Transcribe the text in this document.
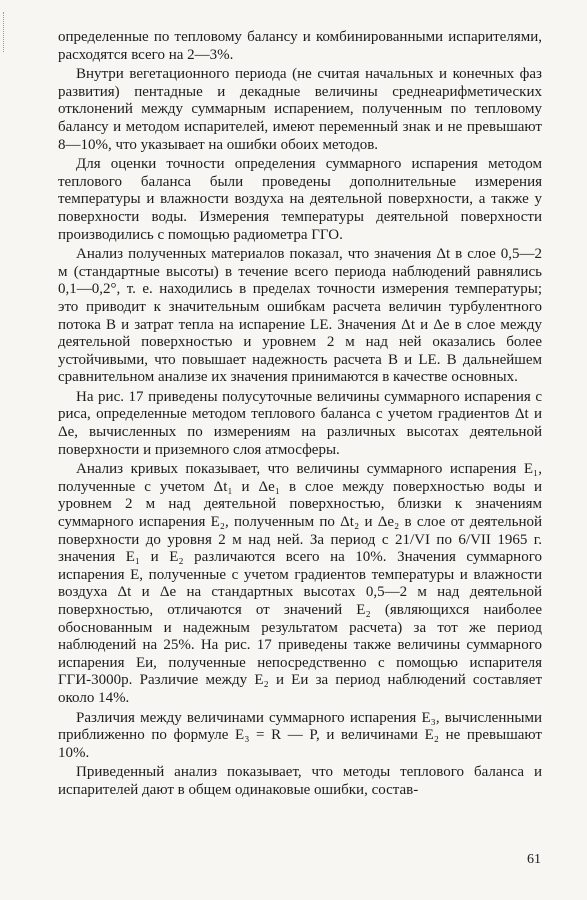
определенные по тепловому балансу и комбинированными испарителями, расходятся всего на 2—3%.

Внутри вегетационного периода (не считая начальных и конечных фаз развития) пентадные и декадные величины среднеарифметических отклонений между суммарным испарением, полученным по тепловому балансу и методом испарителей, имеют переменный знак и не превышают 8—10%, что указывает на ошибки обоих методов.

Для оценки точности определения суммарного испарения методом теплового баланса были проведены дополнительные измерения температуры и влажности воздуха на деятельной поверхности, а также у поверхности воды. Измерения температуры деятельной поверхности производились с помощью радиометра ГГО.

Анализ полученных материалов показал, что значения Δt в слое 0,5—2 м (стандартные высоты) в течение всего периода наблюдений равнялись 0,1—0,2°, т. е. находились в пределах точности измерения температуры; это приводит к значительным ошибкам расчета величин турбулентного потока B и затрат тепла на испарение LE. Значения Δt и Δe в слое между деятельной поверхностью и уровнем 2 м над ней оказались более устойчивыми, что повышает надежность расчета B и LE. В дальнейшем сравнительном анализе их значения принимаются в качестве основных.

На рис. 17 приведены полусуточные величины суммарного испарения с риса, определенные методом теплового баланса с учетом градиентов Δt и Δe, вычисленных по измерениям на различных высотах деятельной поверхности и приземного слоя атмосферы.

Анализ кривых показывает, что величины суммарного испарения E₁, полученные с учетом Δt₁ и Δe₁ в слое между поверхностью воды и уровнем 2 м над деятельной поверхностью, близки к значениям суммарного испарения E₂, полученным по Δt₂ и Δe₂ в слое от деятельной поверхности до уровня 2 м над ней. За период с 21/VI по 6/VII 1965 г. значения E₁ и E₂ различаются всего на 10%. Значения суммарного испарения E, полученные с учетом градиентов температуры и влажности воздуха Δt и Δe на стандартных высотах 0,5—2 м над деятельной поверхностью, отличаются от значений E₂ (являющихся наиболее обоснованным и надежным результатом расчета) за тот же период наблюдений на 25%. На рис. 17 приведены также величины суммарного испарения Eи, полученные непосредственно с помощью испарителя ГГИ-3000р. Различие между E₂ и Eи за период наблюдений составляет около 14%.

Различия между величинами суммарного испарения E₃, вычисленными приближенно по формуле E₃ = R — P, и величинами E₂ не превышают 10%.

Приведенный анализ показывает, что методы теплового баланса и испарителей дают в общем одинаковые ошибки, состав-

61
